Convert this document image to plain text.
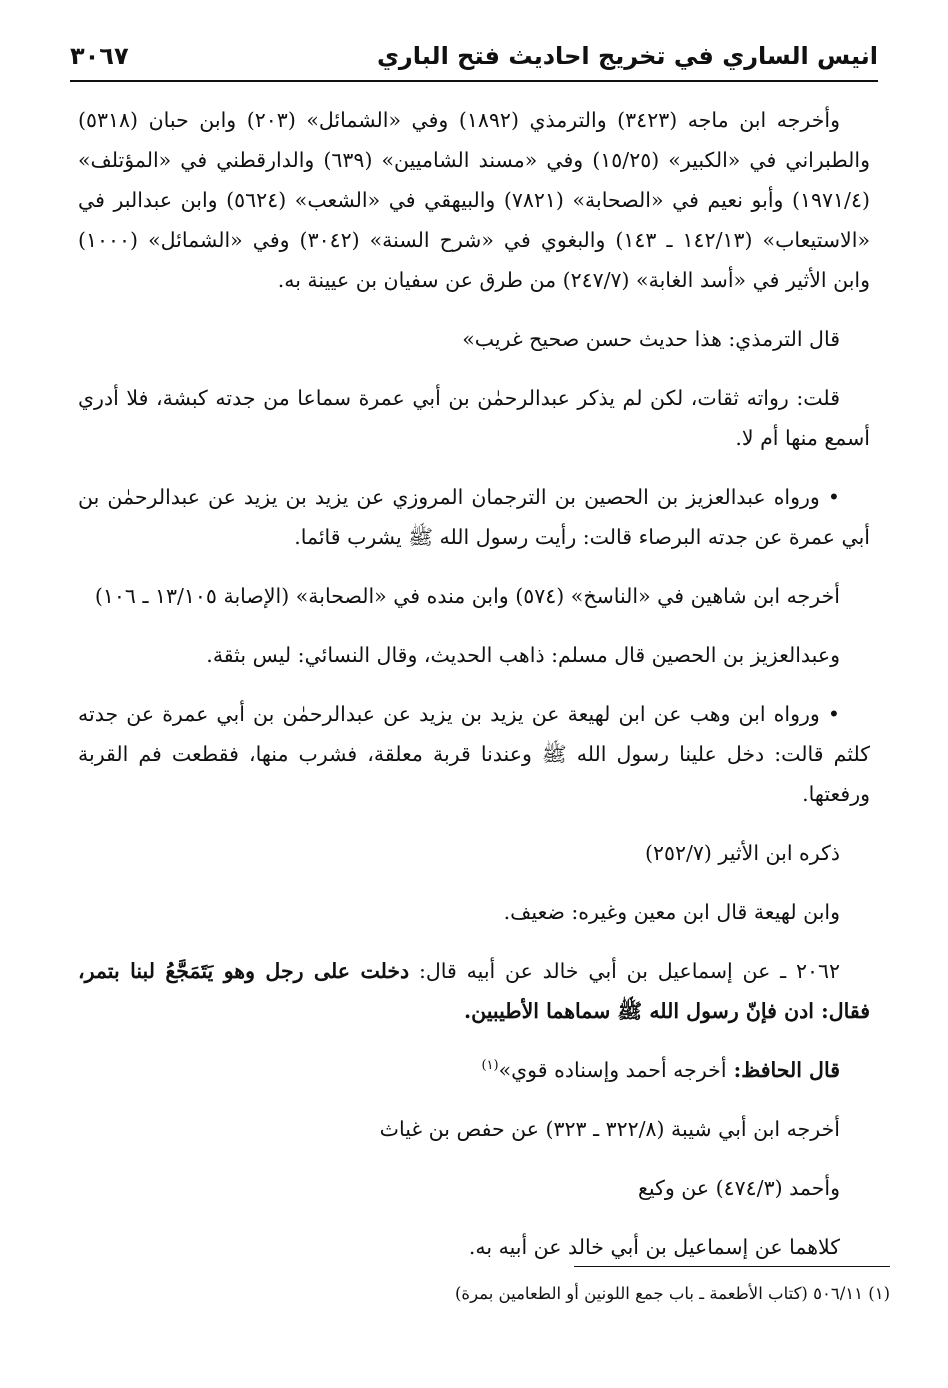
انيس الساري في تخريج احاديث فتح الباري
٣٠٦٧

وأخرجه ابن ماجه (٣٤٢٣) والترمذي (١٨٩٢) وفي «الشمائل» (٢٠٣) وابن حبان (٥٣١٨) والطبراني في «الكبير» (١٥/٢٥) وفي «مسند الشاميين» (٦٣٩) والدارقطني في «المؤتلف» (١٩٧١/٤) وأبو نعيم في «الصحابة» (٧٨٢١) والبيهقي في «الشعب» (٥٦٢٤) وابن عبدالبر في «الاستيعاب» (١٤٢/١٣ ـ ١٤٣) والبغوي في «شرح السنة» (٣٠٤٢) وفي «الشمائل» (١٠٠٠) وابن الأثير في «أسد الغابة» (٢٤٧/٧) من طرق عن سفيان بن عيينة به.

قال الترمذي: هذا حديث حسن صحيح غريب»

قلت: رواته ثقات، لكن لم يذكر عبدالرحمٰن بن أبي عمرة سماعا من جدته كبشة، فلا أدري أسمع منها أم لا.

• ورواه عبدالعزيز بن الحصين بن الترجمان المروزي عن يزيد بن يزيد عن عبدالرحمٰن بن أبي عمرة عن جدته البرصاء قالت: رأيت رسول الله ﷺ يشرب قائما.

أخرجه ابن شاهين في «الناسخ» (٥٧٤) وابن منده في «الصحابة» (الإصابة ١٣/١٠٥ ـ ١٠٦)

وعبدالعزيز بن الحصين قال مسلم: ذاهب الحديث، وقال النسائي: ليس بثقة.

• ورواه ابن وهب عن ابن لهيعة عن يزيد بن يزيد عن عبدالرحمٰن بن أبي عمرة عن جدته كلثم قالت: دخل علينا رسول الله ﷺ وعندنا قربة معلقة، فشرب منها، فقطعت فم القربة ورفعتها.

ذكره ابن الأثير (٢٥٢/٧)

وابن لهيعة قال ابن معين وغيره: ضعيف.

٢٠٦٢ ـ عن إسماعيل بن أبي خالد عن أبيه قال: دخلت على رجل وهو يَتَمَجَّعُ لبنا بتمر، فقال: ادن فإنّ رسول الله ﷺ سماهما الأطيبين.

قال الحافظ: أخرجه أحمد وإسناده قوي»$^{(١)}$

أخرجه ابن أبي شيبة (٣٢٢/٨ ـ ٣٢٣) عن حفص بن غياث

وأحمد (٤٧٤/٣) عن وكيع

كلاهما عن إسماعيل بن أبي خالد عن أبيه به.

(١) ٥٠٦/١١ (كتاب الأطعمة ـ باب جمع اللونين أو الطعامين بمرة)
